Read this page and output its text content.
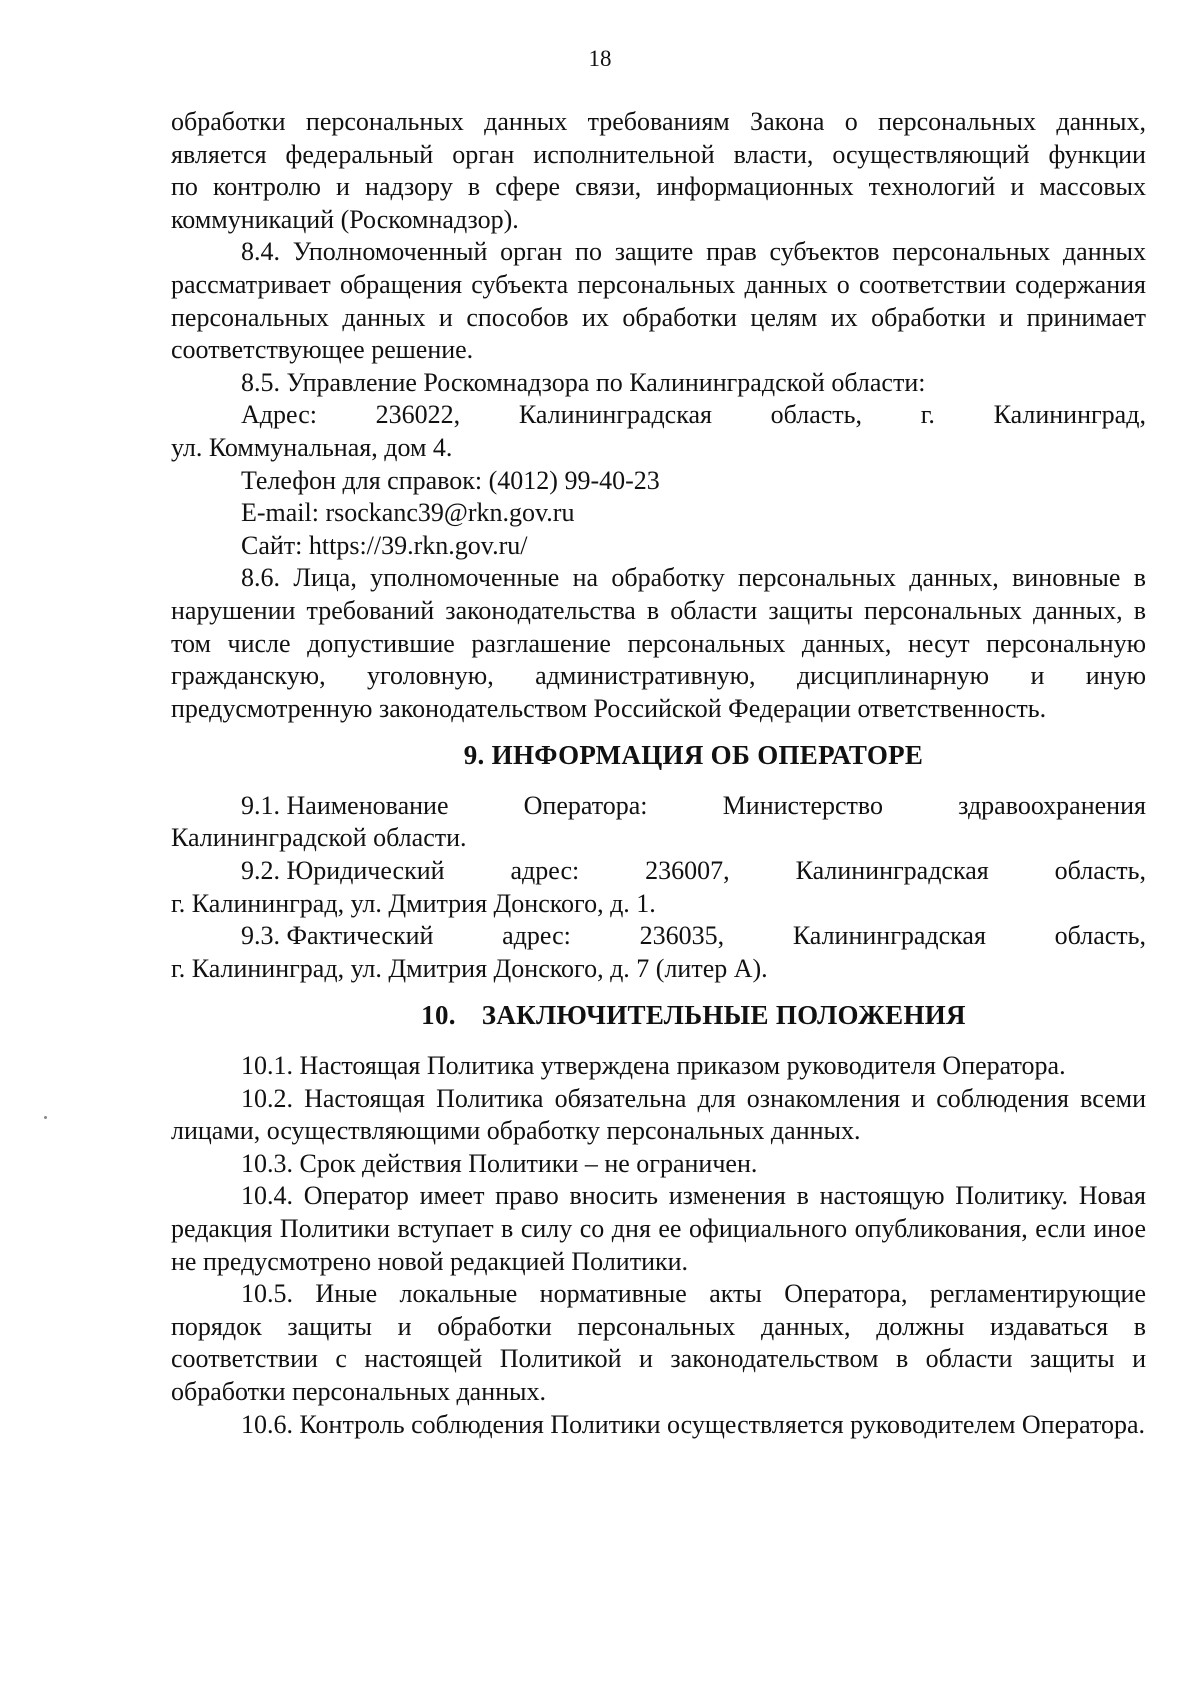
18
обработки персональных данных требованиям Закона о персональных данных,
является федеральный орган исполнительной власти, осуществляющий функции
по контролю и надзору в сфере связи, информационных технологий и массовых
коммуникаций (Роскомнадзор).

8.4. Уполномоченный орган по защите прав субъектов персональных данных рассматривает обращения субъекта персональных данных о соответствии содержания персональных данных и способов их обработки целям их обработки и принимает соответствующее решение.

8.5. Управление Роскомнадзора по Калининградской области:
Адрес: 236022, Калининградская область, г. Калининград,
ул. Коммунальная, дом 4.
Телефон для справок: (4012) 99-40-23
E-mail: rsockanc39@rkn.gov.ru
Сайт: https://39.rkn.gov.ru/

8.6. Лица, уполномоченные на обработку персональных данных, виновные в нарушении требований законодательства в области защиты персональных данных, в том числе допустившие разглашение персональных данных, несут персональную гражданскую, уголовную, административную, дисциплинарную и иную предусмотренную законодательством Российской Федерации ответственность.

9. ИНФОРМАЦИЯ ОБ ОПЕРАТОРЕ
9.1. Наименование	Оператора:	Министерство	здравоохранения
Калининградской области.
9.2. Юридический	адрес:	236007,	Калининградская	область,
г. Калининград, ул. Дмитрия Донского, д. 1.
9.3. Фактический	адрес:	236035,	Калининградская	область,
г. Калининград, ул. Дмитрия Донского, д. 7 (литер А).
10. ЗАКЛЮЧИТЕЛЬНЫЕ ПОЛОЖЕНИЯ

10.1. Настоящая Политика утверждена приказом руководителя Оператора.

10.2. Настоящая Политика обязательна для ознакомления и соблюдения всеми лицами, осуществляющими обработку персональных данных.

10.3. Срок действия Политики – не ограничен.

10.4. Оператор имеет право вносить изменения в настоящую Политику. Новая редакция Политики вступает в силу со дня ее официального опубликования, если иное не предусмотрено новой редакцией Политики.

10.5. Иные локальные нормативные акты Оператора, регламентирующие порядок защиты и обработки персональных данных, должны издаваться в соответствии с настоящей Политикой и законодательством в области защиты и обработки персональных данных.

10.6. Контроль соблюдения Политики осуществляется руководителем Оператора.
